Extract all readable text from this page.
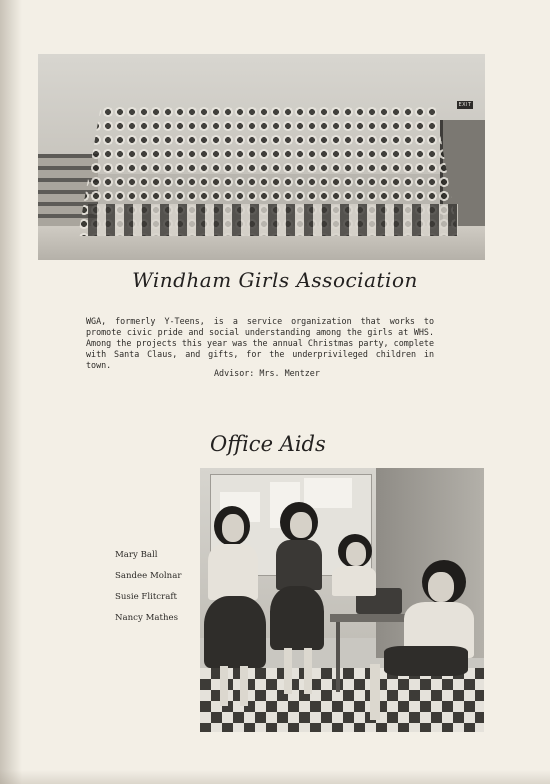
EXIT
Windham Girls Association
WGA, formerly Y-Teens, is a service organization that works to promote civic pride and social understanding among the girls at WHS. Among the projects this year was the annual Christmas party, complete with Santa Claus, and gifts, for the underprivileged children in town.
Advisor: Mrs. Mentzer
Office Aids
Mary Ball
Sandee Molnar
Susie Flitcraft
Nancy Mathes
